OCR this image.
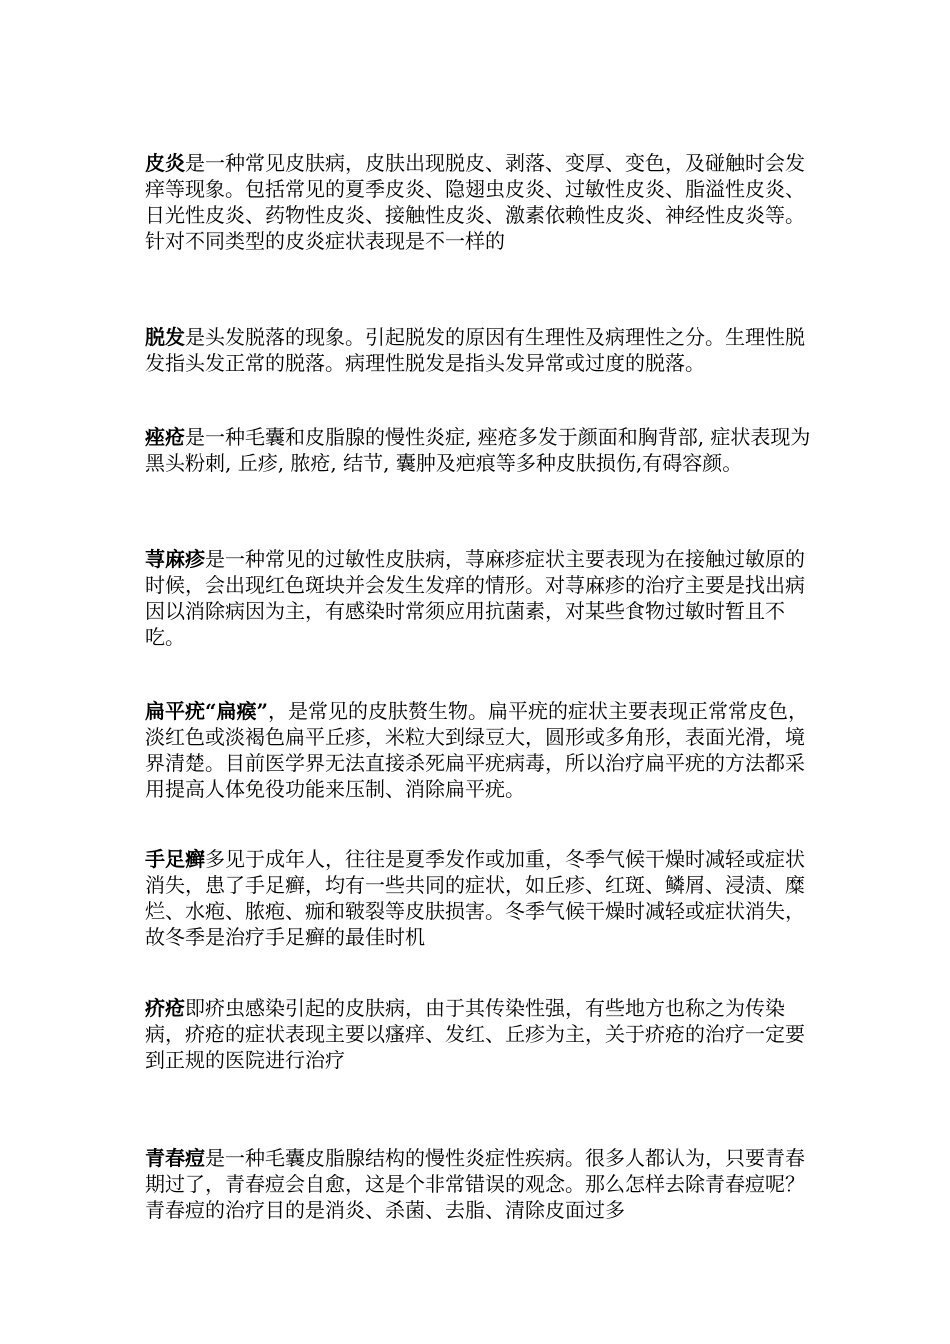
皮炎是一种常见皮肤病，皮肤出现脱皮、剥落、变厚、变色，及碰触时会发痒等现象。包括常见的夏季皮炎、隐翅虫皮炎、过敏性皮炎、脂溢性皮炎、日光性皮炎、药物性皮炎、接触性皮炎、激素依赖性皮炎、神经性皮炎等。针对不同类型的皮炎症状表现是不一样的

脱发是头发脱落的现象。引起脱发的原因有生理性及病理性之分。生理性脱发指头发正常的脱落。病理性脱发是指头发异常或过度的脱落。

痤疮是一种毛囊和皮脂腺的慢性炎症, 痤疮多发于颜面和胸背部, 症状表现为黑头粉刺, 丘疹, 脓疮, 结节, 囊肿及疤痕等多种皮肤损伤,有碍容颜。

荨麻疹是一种常见的过敏性皮肤病，荨麻疹症状主要表现为在接触过敏原的时候，会出现红色斑块并会发生发痒的情形。对荨麻疹的治疗主要是找出病因以消除病因为主，有感染时常须应用抗菌素，对某些食物过敏时暂且不吃。

扁平疣“扁瘊”，是常见的皮肤赘生物。扁平疣的症状主要表现正常常皮色，淡红色或淡褐色扁平丘疹，米粒大到绿豆大，圆形或多角形，表面光滑，境界清楚。目前医学界无法直接杀死扁平疣病毒，所以治疗扁平疣的方法都采用提高人体免役功能来压制、消除扁平疣。

手足癣多见于成年人，往往是夏季发作或加重，冬季气候干燥时减轻或症状消失，患了手足癣，均有一些共同的症状，如丘疹、红斑、鳞屑、浸渍、糜烂、水疱、脓疱、痂和皲裂等皮肤损害。冬季气候干燥时减轻或症状消失，故冬季是治疗手足癣的最佳时机

疥疮即疥虫感染引起的皮肤病，由于其传染性强，有些地方也称之为传染病，疥疮的症状表现主要以瘙痒、发红、丘疹为主，关于疥疮的治疗一定要到正规的医院进行治疗

青春痘是一种毛囊皮脂腺结构的慢性炎症性疾病。很多人都认为，只要青春期过了，青春痘会自愈，这是个非常错误的观念。那么怎样去除青春痘呢？青春痘的治疗目的是消炎、杀菌、去脂、清除皮面过多
